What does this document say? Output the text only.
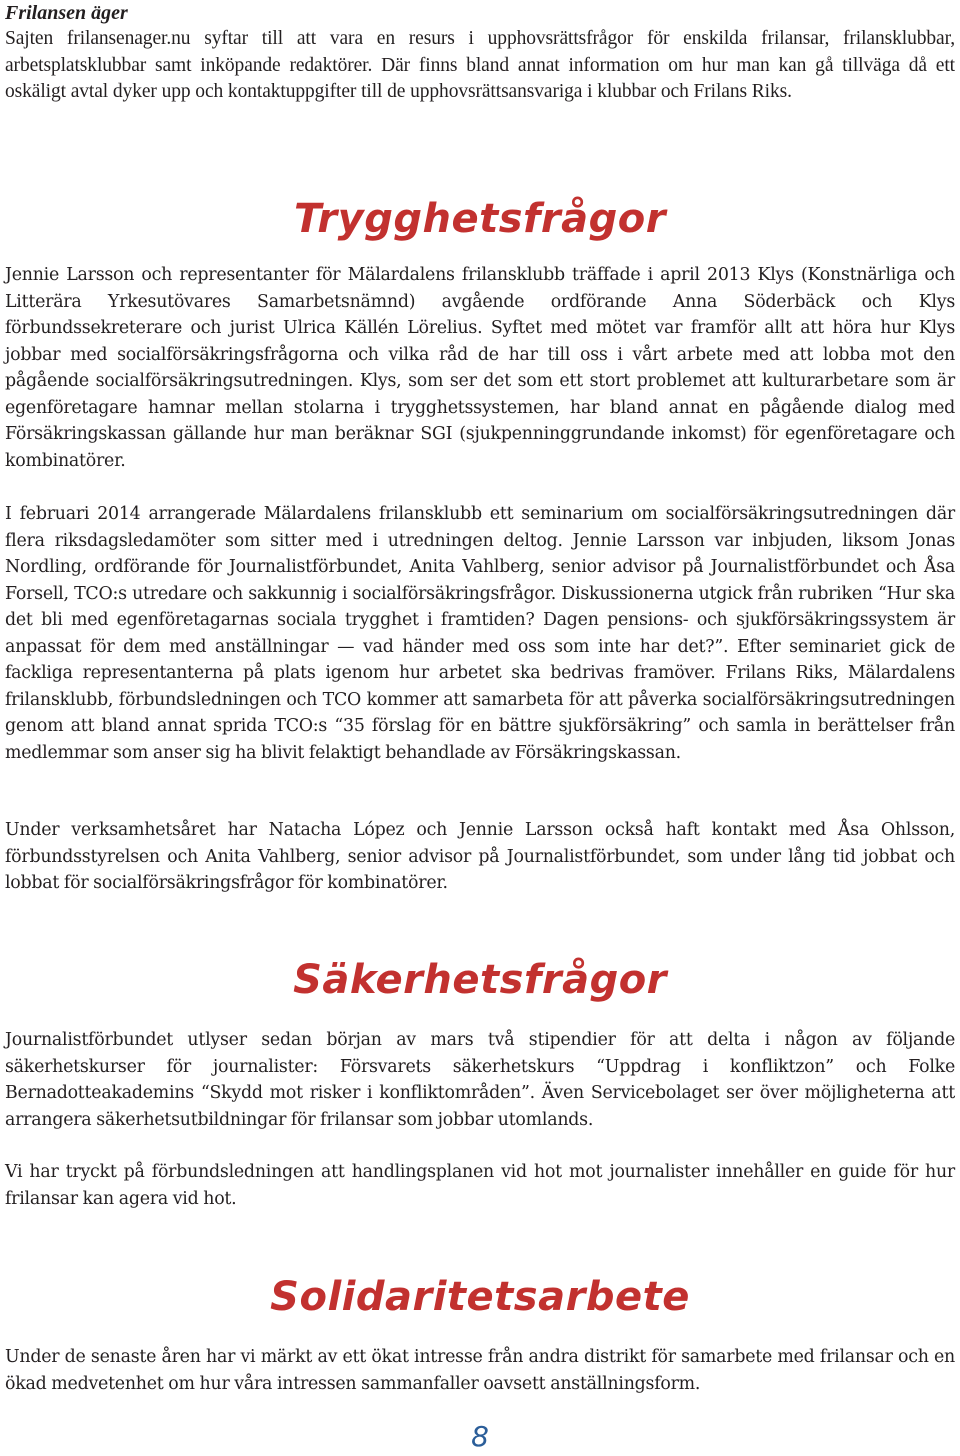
Frilansen äger

Sajten frilansenager.nu syftar till att vara en resurs i upphovsrättsfrågor för enskilda frilansar, frilansklubbar, arbetsplatsklubbar samt inköpande redaktörer. Där finns bland annat information om hur man kan gå tillväga då ett oskäligt avtal dyker upp och kontaktuppgifter till de upphovsrättsansvariga i klubbar och Frilans Riks.

Trygghetsfrågor

Jennie Larsson och representanter för Mälardalens frilansklubb träffade i april 2013 Klys (Konstnärliga och Litterära Yrkesutövares Samarbetsnämnd) avgående ordförande Anna Söderbäck och Klys förbundssekreterare och jurist Ulrica Källén Lörelius. Syftet med mötet var framför allt att höra hur Klys jobbar med socialförsäkringsfrågorna och vilka råd de har till oss i vårt arbete med att lobba mot den pågående socialförsäkringsutredningen. Klys, som ser det som ett stort problemet att kulturarbetare som är egenföretagare hamnar mellan stolarna i trygghetssystemen, har bland annat en pågående dialog med Försäkringskassan gällande hur man beräknar SGI (sjukpenninggrundande inkomst) för egenföretagare och kombinatörer.

I februari 2014 arrangerade Mälardalens frilansklubb ett seminarium om socialförsäkringsutredningen där flera riksdagsledamöter som sitter med i utredningen deltog. Jennie Larsson var inbjuden, liksom Jonas Nordling, ordförande för Journalistförbundet, Anita Vahlberg, senior advisor på Journalistförbundet och Åsa Forsell, TCO:s utredare och sakkunnig i socialförsäkringsfrågor. Diskussionerna utgick från rubriken “Hur ska det bli med egenföretagarnas sociala trygghet i framtiden? Dagen pensions- och sjukförsäkringssystem är anpassat för dem med anställningar — vad händer med oss som inte har det?”. Efter seminariet gick de fackliga representanterna på plats igenom hur arbetet ska bedrivas framöver. Frilans Riks, Mälardalens frilansklubb, förbundsledningen och TCO kommer att samarbeta för att påverka socialförsäkringsutredningen genom att bland annat sprida TCO:s “35 förslag för en bättre sjukförsäkring” och samla in berättelser från medlemmar som anser sig ha blivit felaktigt behandlade av Försäkringskassan.

Under verksamhetsåret har Natacha López och Jennie Larsson också haft kontakt med Åsa Ohlsson, förbundsstyrelsen och Anita Vahlberg, senior advisor på Journalistförbundet, som under lång tid jobbat och lobbat för socialförsäkringsfrågor för kombinatörer.

Säkerhetsfrågor

Journalistförbundet utlyser sedan början av mars två stipendier för att delta i någon av följande säkerhetskurser för journalister: Försvarets säkerhetskurs “Uppdrag i konfliktzon” och Folke Bernadotteakademins “Skydd mot risker i konfliktområden”. Även Servicebolaget ser över möjligheterna att arrangera säkerhetsutbildningar för frilansar som jobbar utomlands.

Vi har tryckt på förbundsledningen att handlingsplanen vid hot mot journalister innehåller en guide för hur frilansar kan agera vid hot.

Solidaritetsarbete

Under de senaste åren har vi märkt av ett ökat intresse från andra distrikt för samarbete med frilansar och en ökad medvetenhet om hur våra intressen sammanfaller oavsett anställningsform.

8
